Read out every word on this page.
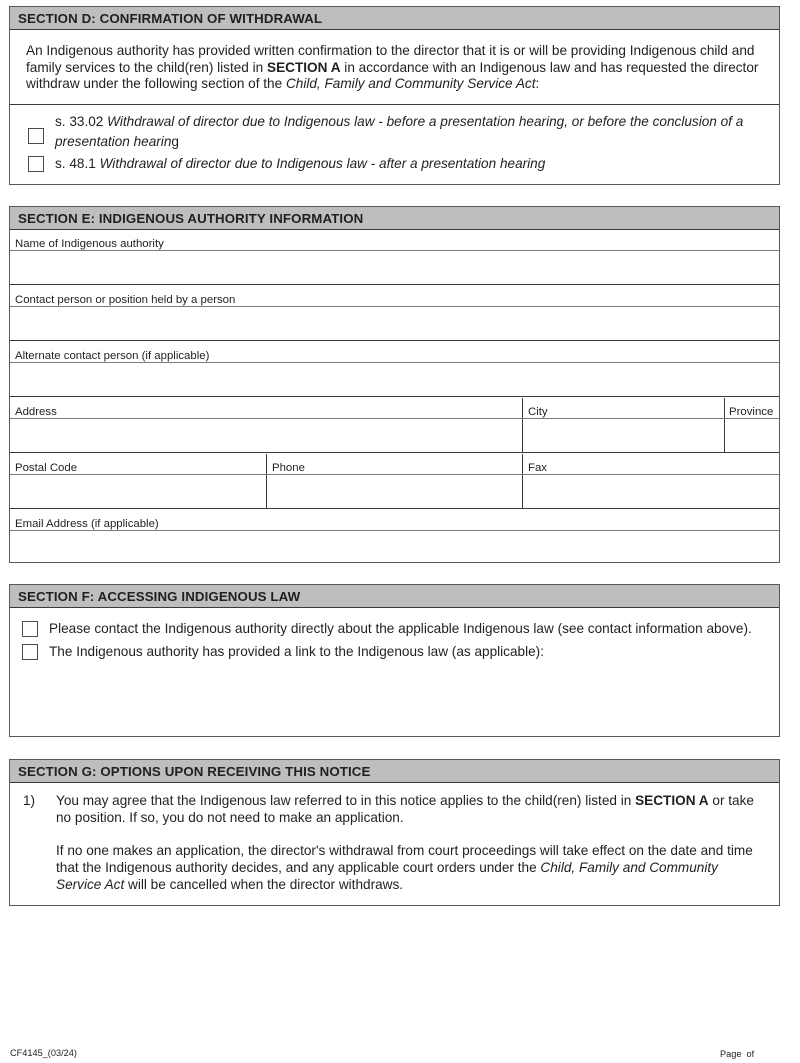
SECTION D: CONFIRMATION OF WITHDRAWAL
An Indigenous authority has provided written confirmation to the director that it is or will be providing Indigenous child and family services to the child(ren) listed in SECTION A in accordance with an Indigenous law and has requested the director withdraw under the following section of the Child, Family and Community Service Act:
s. 33.02 Withdrawal of director due to Indigenous law - before a presentation hearing, or before the conclusion of a presentation hearing
s. 48.1 Withdrawal of director due to Indigenous law - after a presentation hearing
SECTION E: INDIGENOUS AUTHORITY INFORMATION
Name of Indigenous authority
Contact person or position held by a person
Alternate contact person (if applicable)
Address	City	Province
Postal Code	Phone	Fax
Email Address (if applicable)
SECTION F: ACCESSING INDIGENOUS LAW
Please contact the Indigenous authority directly about the applicable Indigenous law (see contact information above).
The Indigenous authority has provided a link to the Indigenous law (as applicable):
SECTION G: OPTIONS UPON RECEIVING THIS NOTICE
1) You may agree that the Indigenous law referred to in this notice applies to the child(ren) listed in SECTION A or take no position. If so, you do not need to make an application.
If no one makes an application, the director's withdrawal from court proceedings will take effect on the date and time that the Indigenous authority decides, and any applicable court orders under the Child, Family and Community Service Act will be cancelled when the director withdraws.
CF4145_(03/24)	Page  of
